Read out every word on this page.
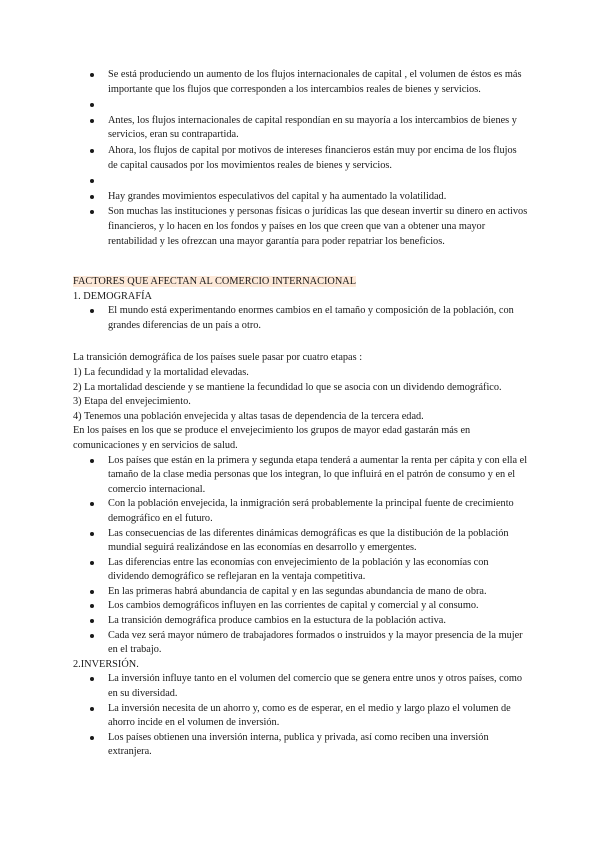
Se está produciendo un aumento de los flujos internacionales de capital , el volumen de éstos es más importante que los flujos que corresponden a los intercambios reales de bienes y servicios.
Antes, los flujos internacionales de capital respondían en su mayoría a los intercambios de bienes y servicios, eran su contrapartida.
Ahora, los flujos de capital por motivos de intereses financieros están muy por encima de los flujos de capital causados por los movimientos reales de bienes y servicios.
Hay grandes movimientos especulativos del capital y ha aumentado la volatilidad.
Son muchas las instituciones y personas físicas o jurídicas las que desean invertir su dinero en activos financieros, y lo hacen en los fondos y países en los que creen que van a obtener una mayor rentabilidad y les ofrezcan una mayor garantía para poder repatriar los beneficios.

FACTORES QUE AFECTAN AL COMERCIO INTERNACIONAL

1. DEMOGRAFÍA

El mundo está experimentando enormes cambios en el tamaño y composición de la población, con grandes diferencias de un país a otro.

La transición demográfica de los países suele pasar por cuatro etapas :

1) La fecundidad y la mortalidad elevadas.

2) La mortalidad desciende y se mantiene la fecundidad lo que se asocia con un dividendo demográfico.

3) Etapa del envejecimiento.

4) Tenemos una población envejecida y altas tasas de dependencia de la tercera edad.

En los países en los que se produce el envejecimiento los grupos de mayor edad gastarán más en comunicaciones y en servicios de salud.

Los países que están en la primera y segunda etapa tenderá a aumentar la renta per cápita y con ella el tamaño de la clase media personas que los integran, lo que influirá en el patrón de consumo y en el comercio internacional.
Con la población envejecida, la inmigración será probablemente la principal fuente de crecimiento demográfico en el futuro.
Las consecuencias de las diferentes dinámicas demográficas es que la distibución de la población mundial seguirá realizándose en las economías en desarrollo y emergentes.
Las diferencias entre las economías con envejecimiento de la población y las economías con dividendo demográfico se reflejaran en la ventaja competitiva.
En las primeras habrá abundancia de capital y en las segundas abundancia de mano de obra.
Los cambios demográficos influyen en las corrientes de capital y comercial y al consumo.
La transición demográfica produce cambios en la estuctura de la población activa.
Cada vez será mayor número de trabajadores formados o instruidos y la mayor presencia de la mujer en el trabajo.

2.INVERSIÓN.

La inversión influye tanto en el volumen del comercio que se genera entre unos y otros países, como en su diversidad.
La inversión necesita de un ahorro y, como es de esperar, en el medio y largo plazo el volumen de ahorro incide en el volumen de inversión.
Los países obtienen una inversión interna, publica y privada, así como reciben una inversión extranjera.
